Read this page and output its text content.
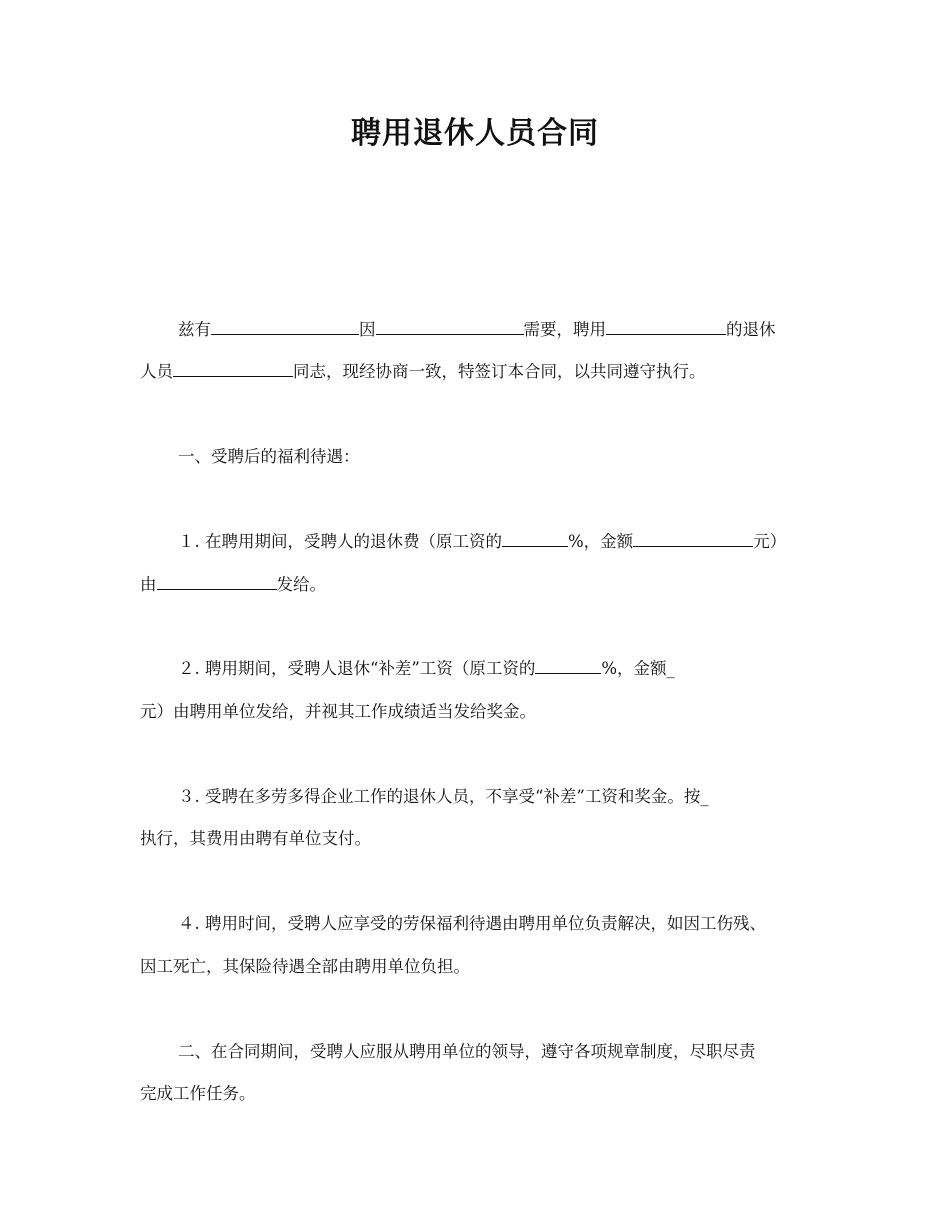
聘用退休人员合同
兹有	因	需要，聘用	的退休
人员	同志，现经协商一致，特签订本合同，以共同遵守执行。
一、受聘后的福利待遇：
１. 在聘用期间，受聘人的退休费（原工资的	%，金额	元）
由	发给。
２. 聘用期间，受聘人退休“补差”工资（原工资的	%，金额_
元）由聘用单位发给，并视其工作成绩适当发给奖金。
３. 受聘在多劳多得企业工作的退休人员，不享受“补差”工资和奖金。按_
执行，其费用由聘有单位支付。
４. 聘用时间，受聘人应享受的劳保福利待遇由聘用单位负责解决，如因工伤残、
因工死亡，其保险待遇全部由聘用单位负担。
二、在合同期间，受聘人应服从聘用单位的领导，遵守各项规章制度，尽职尽责
完成工作任务。
